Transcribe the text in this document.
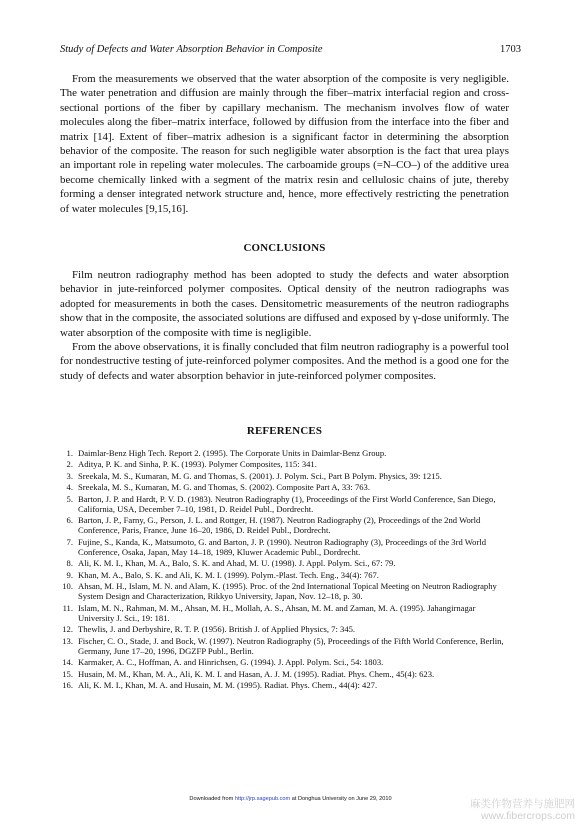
Study of Defects and Water Absorption Behavior in Composite	1703

From the measurements we observed that the water absorption of the composite is very negligible. The water penetration and diffusion are mainly through the fiber–matrix interfacial region and cross-sectional portions of the fiber by capillary mechanism. The mechanism involves flow of water molecules along the fiber–matrix interface, followed by diffusion from the interface into the fiber and matrix [14]. Extent of fiber–matrix adhesion is a significant factor in determining the absorption behavior of the composite. The reason for such negligible water absorption is the fact that urea plays an important role in repeling water molecules. The carboamide groups (=N–CO–) of the additive urea become chemically linked with a segment of the matrix resin and cellulosic chains of jute, thereby forming a denser integrated network structure and, hence, more effectively restricting the penetration of water molecules [9,15,16].

CONCLUSIONS

Film neutron radiography method has been adopted to study the defects and water absorption behavior in jute-reinforced polymer composites. Optical density of the neutron radiographs was adopted for measurements in both the cases. Densitometric measurements of the neutron radiographs show that in the composite, the associated solutions are diffused and exposed by γ-dose uniformly. The water absorption of the composite with time is negligible.

From the above observations, it is finally concluded that film neutron radiography is a powerful tool for nondestructive testing of jute-reinforced polymer composites. And the method is a good one for the study of defects and water absorption behavior in jute-reinforced polymer composites.

REFERENCES
1. Daimlar-Benz High Tech. Report 2. (1995). The Corporate Units in Daimlar-Benz Group.
2. Aditya, P. K. and Sinha, P. K. (1993). Polymer Composites, 115: 341.
3. Sreekala, M. S., Kumaran, M. G. and Thomas, S. (2001). J. Polym. Sci., Part B Polym. Physics, 39: 1215.
4. Sreekala, M. S., Kumaran, M. G. and Thomas, S. (2002). Composite Part A, 33: 763.
5. Barton, J. P. and Hardt, P. V. D. (1983). Neutron Radiography (1), Proceedings of the First World Conference, San Diego, California, USA, December 7–10, 1981, D. Reidel Publ., Dordrecht.
6. Barton, J. P., Farny, G., Person, J. L. and Rottger, H. (1987). Neutron Radiography (2), Proceedings of the 2nd World Conference, Paris, France, June 16–20, 1986, D. Reidel Publ., Dordrecht.
7. Fujine, S., Kanda, K., Matsumoto, G. and Barton, J. P. (1990). Neutron Radiography (3), Proceedings of the 3rd World Conference, Osaka, Japan, May 14–18, 1989, Kluwer Academic Publ., Dordrecht.
8. Ali, K. M. I., Khan, M. A., Balo, S. K. and Ahad, M. U. (1998). J. Appl. Polym. Sci., 67: 79.
9. Khan, M. A., Balo, S. K. and Ali, K. M. I. (1999). Polym.-Plast. Tech. Eng., 34(4): 767.
10. Ahsan, M. H., Islam, M. N. and Alam, K. (1995). Proc. of the 2nd International Topical Meeting on Neutron Radiography System Design and Characterization, Rikkyo University, Japan, Nov. 12–18, p. 30.
11. Islam, M. N., Rahman, M. M., Ahsan, M. H., Mollah, A. S., Ahsan, M. M. and Zaman, M. A. (1995). Jahangirnagar University J. Sci., 19: 181.
12. Thewlis, J. and Derbyshire, R. T. P. (1956). British J. of Applied Physics, 7: 345.
13. Fischer, C. O., Stade, J. and Bock, W. (1997). Neutron Radiography (5), Proceedings of the Fifth World Conference, Berlin, Germany, June 17–20, 1996, DGZFP Publ., Berlin.
14. Karmaker, A. C., Hoffman, A. and Hinrichsen, G. (1994). J. Appl. Polym. Sci., 54: 1803.
15. Husain, M. M., Khan, M. A., Ali, K. M. I. and Hasan, A. J. M. (1995). Radiat. Phys. Chem., 45(4): 623.
16. Ali, K. M. I., Khan, M. A. and Husain, M. M. (1995). Radiat. Phys. Chem., 44(4): 427.
Downloaded from http://jrp.sagepub.com at Donghua University on June 29, 2010	麻类作物营养与施肥网
www.fibercrops.com
